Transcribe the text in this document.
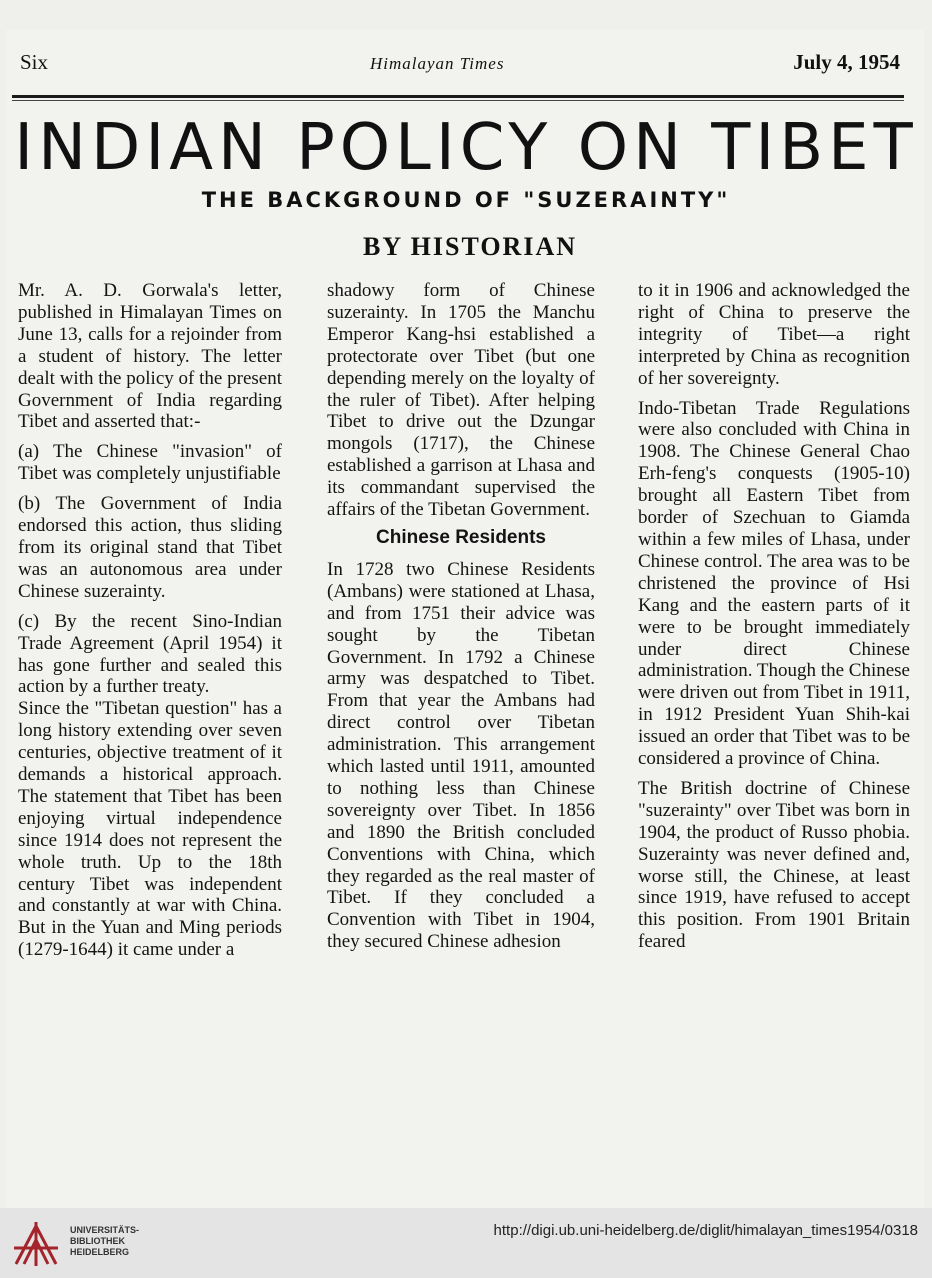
Six	Himalayan Times	July 4, 1954
INDIAN POLICY ON TIBET
THE BACKGROUND OF "SUZERAINTY"
BY HISTORIAN

Mr. A. D. Gorwala's letter, published in Himalayan Times on June 13, calls for a rejoinder from a student of history. The letter dealt with the policy of the present Government of India regarding Tibet and asserted that:-

(a) The Chinese "invasion" of Tibet was completely unjustifiable

(b) The Government of India endorsed this action, thus sliding from its original stand that Tibet was an autonomous area under Chinese suzerainty.

(c) By the recent Sino-Indian Trade Agreement (April 1954) it has gone further and sealed this action by a further treaty.

Since the "Tibetan question" has a long history extending over seven centuries, objective treatment of it demands a historical approach. The statement that Tibet has been enjoying virtual independence since 1914 does not represent the whole truth. Up to the 18th century Tibet was independent and constantly at war with China. But in the Yuan and Ming periods (1279-1644) it came under a

shadowy form of Chinese suzerainty. In 1705 the Manchu Emperor Kang-hsi established a protectorate over Tibet (but one depending merely on the loyalty of the ruler of Tibet). After helping Tibet to drive out the Dzungar mongols (1717), the Chinese established a garrison at Lhasa and its commandant supervised the affairs of the Tibetan Government.

Chinese Residents

In 1728 two Chinese Residents (Ambans) were stationed at Lhasa, and from 1751 their advice was sought by the Tibetan Government. In 1792 a Chinese army was despatched to Tibet. From that year the Ambans had direct control over Tibetan administration. This arrangement which lasted until 1911, amounted to nothing less than Chinese sovereignty over Tibet. In 1856 and 1890 the British concluded Conventions with China, which they regarded as the real master of Tibet. If they concluded a Convention with Tibet in 1904, they secured Chinese adhesion

to it in 1906 and acknowledged the right of China to preserve the integrity of Tibet—a right interpreted by China as recognition of her sovereignty.

Indo-Tibetan Trade Regulations were also concluded with China in 1908. The Chinese General Chao Erh-feng's conquests (1905-10) brought all Eastern Tibet from border of Szechuan to Giamda within a few miles of Lhasa, under Chinese control. The area was to be christened the province of Hsi Kang and the eastern parts of it were to be brought immediately under direct Chinese administration. Though the Chinese were driven out from Tibet in 1911, in 1912 President Yuan Shih-kai issued an order that Tibet was to be considered a province of China.

The British doctrine of Chinese "suzerainty" over Tibet was born in 1904, the product of Russo phobia. Suzerainty was never defined and, worse still, the Chinese, at least since 1919, have refused to accept this position. From 1901 Britain feared

UNIVERSITÄTS-
BIBLIOTHEK
HEIDELBERG
http://digi.ub.uni-heidelberg.de/diglit/himalayan_times1954/0318
